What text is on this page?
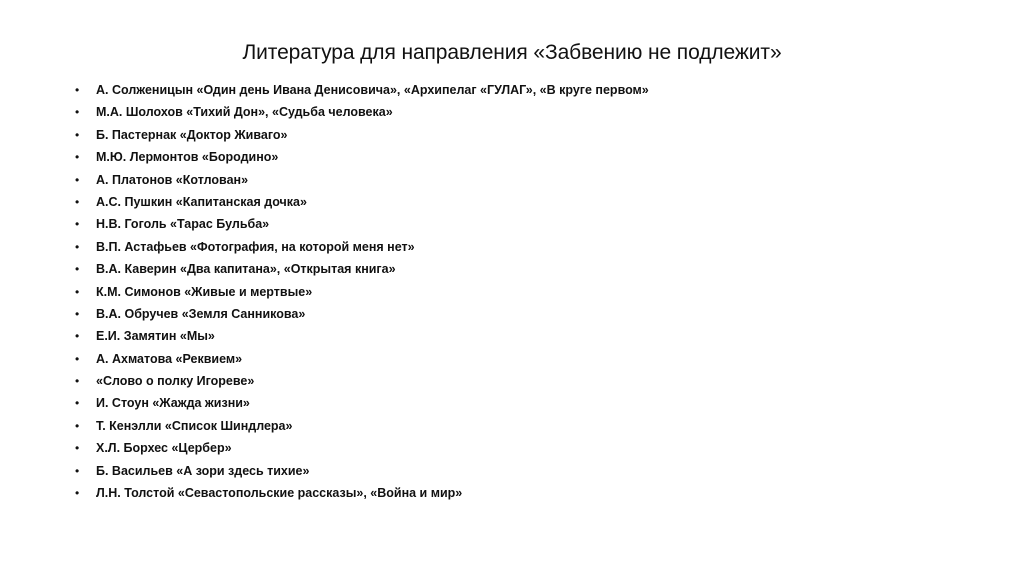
Литература для направления «Забвению не подлежит»
• А. Солженицын «Один день Ивана Денисовича», «Архипелаг «ГУЛАГ», «В круге первом»
• М.А. Шолохов «Тихий Дон», «Судьба человека»
• Б. Пастернак «Доктор Живаго»
• М.Ю. Лермонтов «Бородино»
• А. Платонов «Котлован»
• А.С. Пушкин «Капитанская дочка»
• Н.В. Гоголь «Тарас Бульба»
• В.П. Астафьев «Фотография, на которой меня нет»
• В.А. Каверин «Два капитана», «Открытая книга»
• К.М. Симонов «Живые и мертвые»
• В.А. Обручев «Земля Санникова»
• Е.И. Замятин «Мы»
• А. Ахматова «Реквием»
• «Слово о полку Игореве»
• И. Стоун «Жажда жизни»
• Т. Кенэлли «Список Шиндлера»
• Х.Л. Борхес «Цербер»
• Б. Васильев «А зори здесь тихие»
• Л.Н. Толстой «Севастопольские рассказы», «Война и мир»
